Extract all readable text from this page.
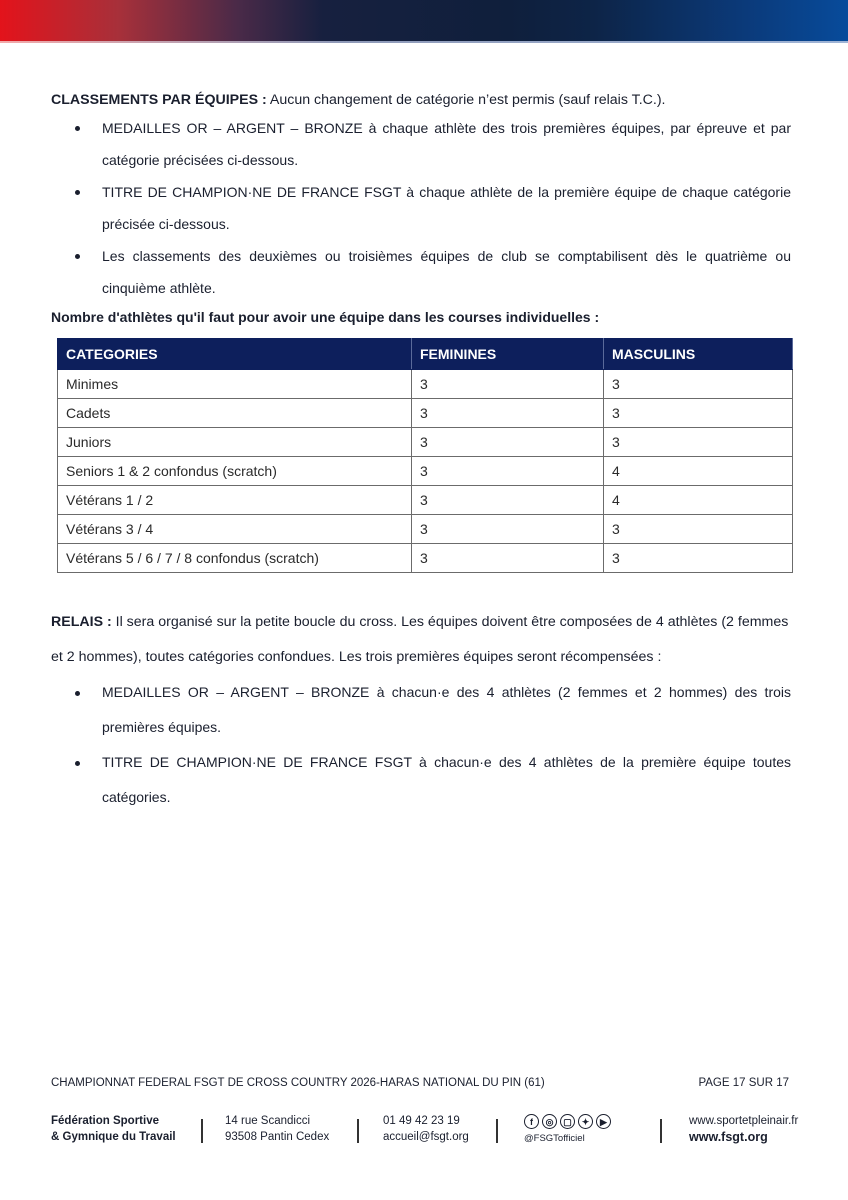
CLASSEMENTS PAR ÉQUIPES : Aucun changement de catégorie n’est permis (sauf relais T.C.).

MEDAILLES OR – ARGENT – BRONZE à chaque athlète des trois premières équipes, par épreuve et par catégorie précisées ci-dessous.
TITRE DE CHAMPION·NE DE FRANCE FSGT à chaque athlète de la première équipe de chaque catégorie précisée ci-dessous.
Les classements des deuxièmes ou troisièmes équipes de club se comptabilisent dès le quatrième ou cinquième athlète.
Nombre d'athlètes qu'il faut pour avoir une équipe dans les courses individuelles :
CATEGORIES	FEMININES	MASCULINS
Minimes	3	3
Cadets	3	3
Juniors	3	3
Seniors 1 & 2 confondus (scratch)	3	4
Vétérans 1 / 2	3	4
Vétérans 3 / 4	3	3
Vétérans 5 / 6 / 7 / 8 confondus (scratch)	3	3

RELAIS : Il sera organisé sur la petite boucle du cross. Les équipes doivent être composées de 4 athlètes (2 femmes et 2 hommes), toutes catégories confondues. Les trois premières équipes seront récompensées :

MEDAILLES OR – ARGENT – BRONZE à chacun·e des 4 athlètes (2 femmes et 2 hommes) des trois premières équipes.
TITRE DE CHAMPION·NE DE FRANCE FSGT à chacun·e des 4 athlètes de la première équipe toutes catégories.
CHAMPIONNAT FEDERAL FSGT DE CROSS COUNTRY 2026-HARAS NATIONAL DU PIN (61)	PAGE 17 SUR 17
Fédération Sportive
& Gymnique du Travail
14 rue Scandicci
93508 Pantin Cedex
01 49 42 23 19
accueil@fsgt.org
f	◎	▢	✦	▶
@FSGTofficiel
www.sportetpleinair.fr
www.fsgt.org
